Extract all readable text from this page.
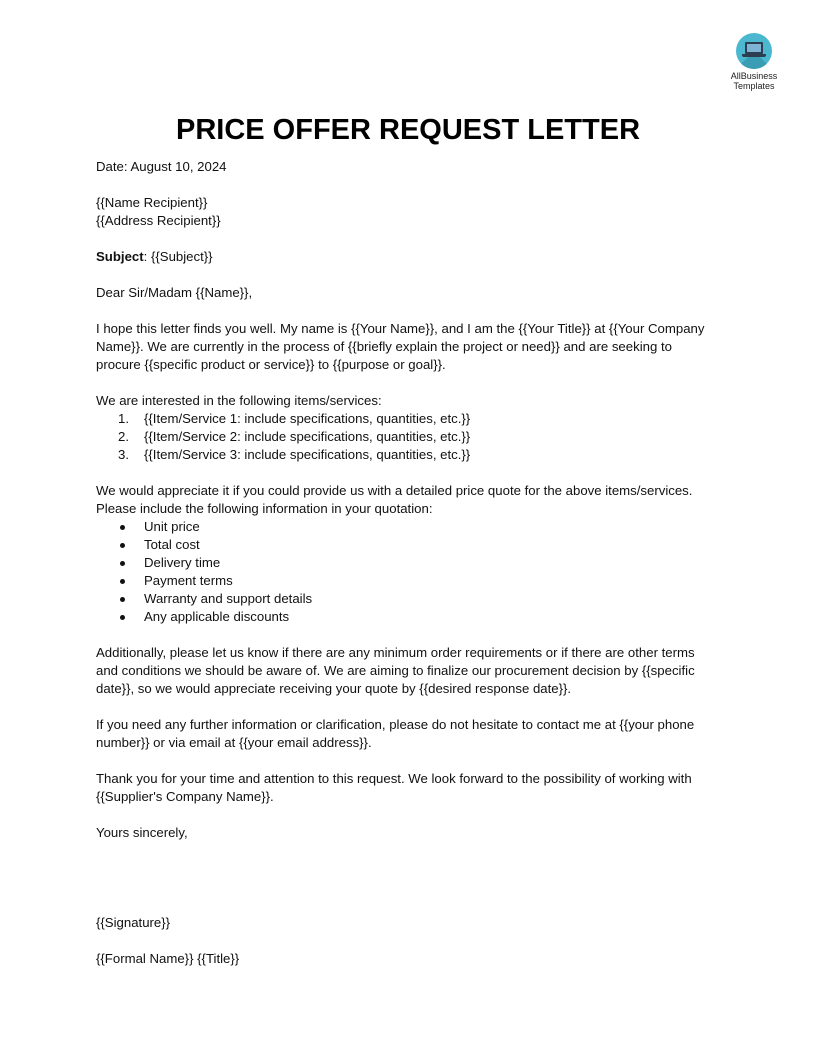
AllBusiness
Templates
PRICE OFFER REQUEST LETTER

Date: August 10, 2024

{{Name Recipient}}

{{Address Recipient}}

Subject: {{Subject}}

Dear Sir/Madam {{Name}},

I hope this letter finds you well. My name is {{Your Name}}, and I am the {{Your Title}} at {{Your Company

Name}}. We are currently in the process of {{briefly explain the project or need}} and are seeking to

procure {{specific product or service}} to {{purpose or goal}}.

We are interested in the following items/services:

1.	{{Item/Service 1: include specifications, quantities, etc.}}
2.	{{Item/Service 2: include specifications, quantities, etc.}}
3.	{{Item/Service 3: include specifications, quantities, etc.}}

We would appreciate it if you could provide us with a detailed price quote for the above items/services.

Please include the following information in your quotation:

Unit price
Total cost
Delivery time
Payment terms
Warranty and support details
Any applicable discounts

Additionally, please let us know if there are any minimum order requirements or if there are other terms

and conditions we should be aware of. We are aiming to finalize our procurement decision by {{specific

date}}, so we would appreciate receiving your quote by {{desired response date}}.

If you need any further information or clarification, please do not hesitate to contact me at {{your phone

number}} or via email at {{your email address}}.

Thank you for your time and attention to this request. We look forward to the possibility of working with

{{Supplier's Company Name}}.

Yours sincerely,

{{Signature}}

{{Formal Name}} {{Title}}
